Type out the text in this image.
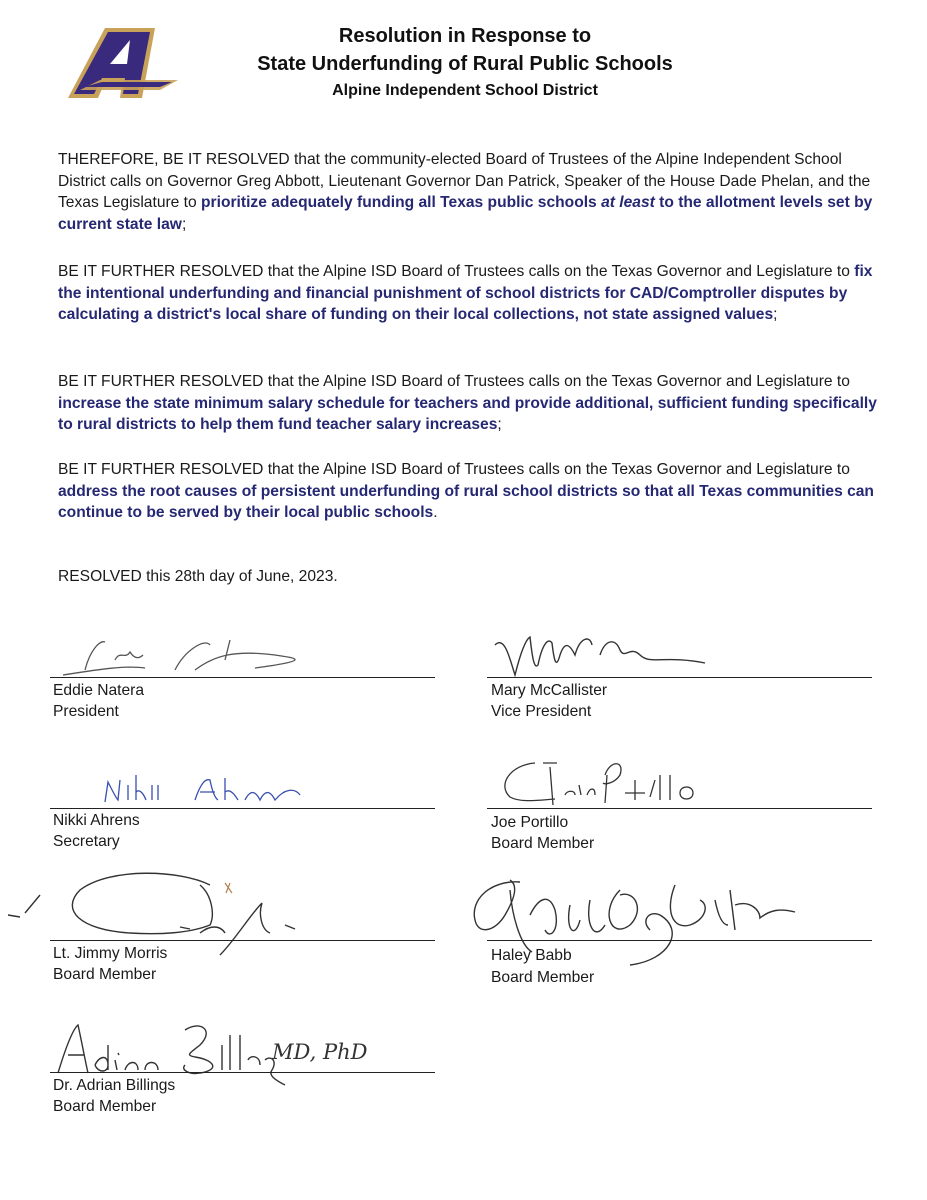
Resolution in Response to
State Underfunding of Rural Public Schools
Alpine Independent School District

THEREFORE, BE IT RESOLVED that the community-elected Board of Trustees of the Alpine Independent School District calls on Governor Greg Abbott, Lieutenant Governor Dan Patrick, Speaker of the House Dade Phelan, and the Texas Legislature to prioritize adequately funding all Texas public schools at least to the allotment levels set by current state law;

BE IT FURTHER RESOLVED that the Alpine ISD Board of Trustees calls on the Texas Governor and Legislature to fix the intentional underfunding and financial punishment of school districts for CAD/Comptroller disputes by calculating a district's local share of funding on their local collections, not state assigned values;

BE IT FURTHER RESOLVED that the Alpine ISD Board of Trustees calls on the Texas Governor and Legislature to increase the state minimum salary schedule for teachers and provide additional, sufficient funding specifically to rural districts to help them fund teacher salary increases;

BE IT FURTHER RESOLVED that the Alpine ISD Board of Trustees calls on the Texas Governor and Legislature to address the root causes of persistent underfunding of rural school districts so that all Texas communities can continue to be served by their local public schools.

RESOLVED this 28th day of June, 2023.
Eddie Natera
President
Mary McCallister
Vice President
Nikki Ahrens
Secretary
Joe Portillo
Board Member
Lt. Jimmy Morris
Board Member
Haley Babb
Board Member
MD, PhD
Dr. Adrian Billings
Board Member
